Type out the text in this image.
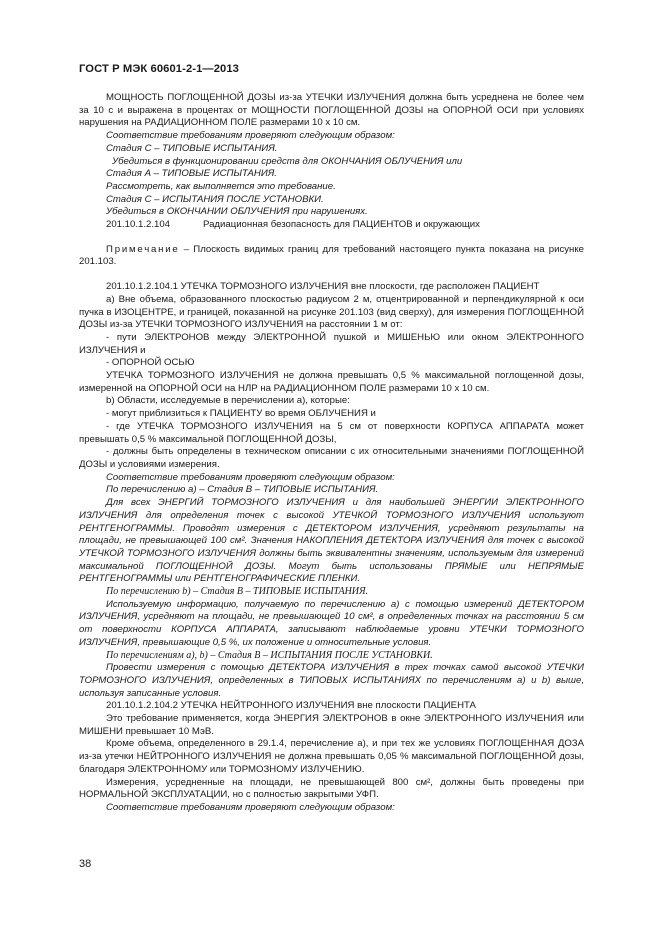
ГОСТ Р МЭК 60601-2-1—2013

МОЩНОСТЬ ПОГЛОЩЕННОЙ ДОЗЫ из-за УТЕЧКИ ИЗЛУЧЕНИЯ должна быть усреднена не более чем за 10 с и выражена в процентах от МОЩНОСТИ ПОГЛОЩЕННОЙ ДОЗЫ на ОПОРНОЙ ОСИ при условиях нарушения на РАДИАЦИОННОМ ПОЛЕ размерами 10 х 10 см.

Соответствие требованиям проверяют следующим образом:

Стадия С – ТИПОВЫЕ ИСПЫТАНИЯ.

Убедиться в функционировании средств для ОКОНЧАНИЯ ОБЛУЧЕНИЯ или

Стадия А – ТИПОВЫЕ ИСПЫТАНИЯ.

Рассмотреть, как выполняется это требование.

Стадия С – ИСПЫТАНИЯ ПОСЛЕ УСТАНОВКИ.

Убедиться в ОКОНЧАНИИ ОБЛУЧЕНИЯ при нарушениях.

201.10.1.2.104	Радиационная безопасность для ПАЦИЕНТОВ и окружающих

Примечание – Плоскость видимых границ для требований настоящего пункта показана на рисунке 201.103.

201.10.1.2.104.1 УТЕЧКА ТОРМОЗНОГО ИЗЛУЧЕНИЯ вне плоскости, где расположен ПАЦИЕНТ

а) Вне объема, образованного плоскостью радиусом 2 м, отцентрированной и перпендикулярной к оси пучка в ИЗОЦЕНТРЕ, и границей, показанной на рисунке 201.103 (вид сверху), для измерения ПОГЛОЩЕННОЙ ДОЗЫ из-за УТЕЧКИ ТОРМОЗНОГО ИЗЛУЧЕНИЯ на расстоянии 1 м от:

- пути ЭЛЕКТРОНОВ между ЭЛЕКТРОННОЙ пушкой и МИШЕНЬЮ или окном ЭЛЕКТРОННОГО ИЗЛУЧЕНИЯ и

- ОПОРНОЙ ОСЬЮ

УТЕЧКА ТОРМОЗНОГО ИЗЛУЧЕНИЯ не должна превышать 0,5 % максимальной поглощенной дозы, измеренной на ОПОРНОЙ ОСИ на НЛР на РАДИАЦИОННОМ ПОЛЕ размерами 10 х 10 см.

b) Области, исследуемые в перечислении а), которые:

- могут приблизиться к ПАЦИЕНТУ во время ОБЛУЧЕНИЯ и

- где УТЕЧКА ТОРМОЗНОГО ИЗЛУЧЕНИЯ на 5 см от поверхности КОРПУСА АППАРАТА может превышать 0,5 % максимальной ПОГЛОЩЕННОЙ ДОЗЫ,

- должны быть определены в техническом описании с их относительными значениями ПОГЛОЩЕННОЙ ДОЗЫ и условиями измерения.

Соответствие требованиям проверяют следующим образом:

По перечислению а) – Стадия В – ТИПОВЫЕ ИСПЫТАНИЯ.

Для всех ЭНЕРГИЙ ТОРМОЗНОГО ИЗЛУЧЕНИЯ и для наибольшей ЭНЕРГИИ ЭЛЕКТРОННОГО ИЗЛУЧЕНИЯ для определения точек с высокой УТЕЧКОЙ ТОРМОЗНОГО ИЗЛУЧЕНИЯ используют РЕНТГЕНОГРАММЫ. Проводят измерения с ДЕТЕКТОРОМ ИЗЛУЧЕНИЯ, усредняют результаты на площади, не превышающей 100 см². Значения НАКОПЛЕНИЯ ДЕТЕКТОРА ИЗЛУЧЕНИЯ для точек с высокой УТЕЧКОЙ ТОРМОЗНОГО ИЗЛУЧЕНИЯ должны быть эквивалентны значениям, используемым для измерений максимальной ПОГЛОЩЕННОЙ ДОЗЫ. Могут быть использованы ПРЯМЫЕ или НЕПРЯМЫЕ РЕНТГЕНОГРАММЫ или РЕНТГЕНОГРАФИЧЕСКИЕ ПЛЕНКИ.

По перечислению b) – Стадия В – ТИПОВЫЕ ИСПЫТАНИЯ.

Используемую информацию, получаемую по перечислению а) с помощью измерений ДЕТЕКТОРОМ ИЗЛУЧЕНИЯ, усредняют на площади, не превышающей 10 см², в определенных точках на расстоянии 5 см от поверхности КОРПУСА АППАРАТА, записывают наблюдаемые уровни УТЕЧКИ ТОРМОЗНОГО ИЗЛУЧЕНИЯ, превышающие 0,5 %, их положение и относительные условия.

По перечислениям а), b) – Стадия В – ИСПЫТАНИЯ ПОСЛЕ УСТАНОВКИ.

Провести измерения с помощью ДЕТЕКТОРА ИЗЛУЧЕНИЯ в трех точках самой высокой УТЕЧКИ ТОРМОЗНОГО ИЗЛУЧЕНИЯ, определенных в ТИПОВЫХ ИСПЫТАНИЯХ по перечислениям а) и b) выше, используя записанные условия.

201.10.1.2.104.2 УТЕЧКА НЕЙТРОННОГО ИЗЛУЧЕНИЯ вне плоскости ПАЦИЕНТА

Это требование применяется, когда ЭНЕРГИЯ ЭЛЕКТРОНОВ в окне ЭЛЕКТРОННОГО ИЗЛУЧЕНИЯ или МИШЕНИ превышает 10 МэВ.

Кроме объема, определенного в 29.1.4, перечисление а), и при тех же условиях ПОГЛОЩЕННАЯ ДОЗА из-за утечки НЕЙТРОННОГО ИЗЛУЧЕНИЯ не должна превышать 0,05 % максимальной ПОГЛОЩЕННОЙ дозы, благодаря ЭЛЕКТРОННОМУ или ТОРМОЗНОМУ ИЗЛУЧЕНИЮ.

Измерения, усредненные на площади, не превышающей 800 см², должны быть проведены при НОРМАЛЬНОЙ ЭКСПЛУАТАЦИИ, но с полностью закрытыми УФП.

Соответствие требованиям проверяют следующим образом:

38
